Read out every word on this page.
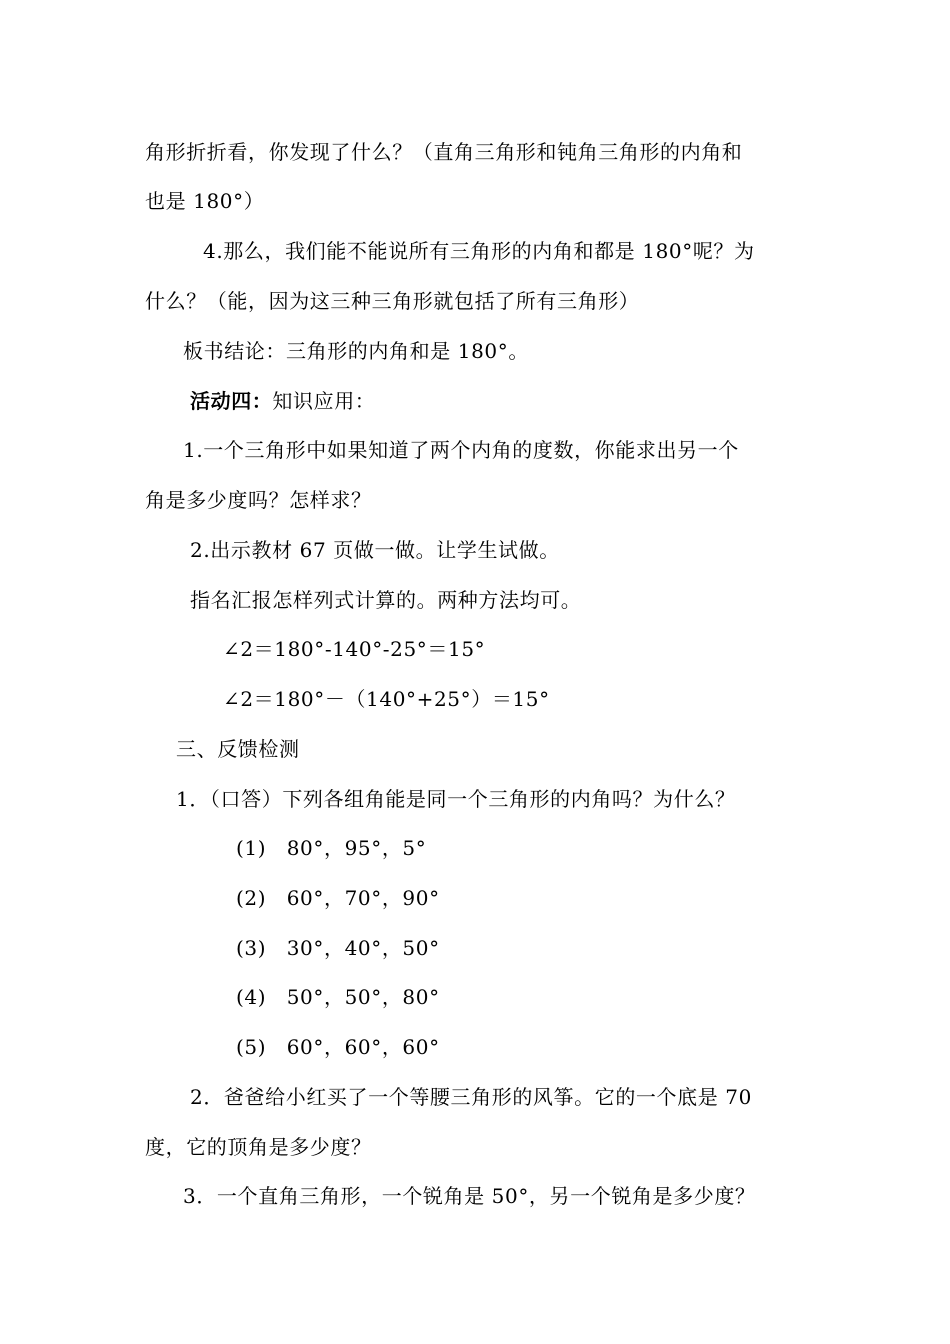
角形折折看，你发现了什么？（直角三角形和钝角三角形的内角和
也是 180°）
4.那么，我们能不能说所有三角形的内角和都是 180°呢？为
什么？（能，因为这三种三角形就包括了所有三角形）
板书结论：三角形的内角和是 180°。
活动四：知识应用：
1.一个三角形中如果知道了两个内角的度数，你能求出另一个
角是多少度吗？怎样求？
2.出示教材 67 页做一做。让学生试做。
指名汇报怎样列式计算的。两种方法均可。
∠2＝180°-140°-25°＝15°
∠2＝180°－（140°+25°）＝15°
三、反馈检测
1．（口答）下列各组角能是同一个三角形的内角吗？为什么？
(1)　80°，95°，5°
(2)　60°，70°，90°
(3)　30°，40°，50°
(4)　50°，50°，80°
(5)　60°，60°，60°
2．爸爸给小红买了一个等腰三角形的风筝。它的一个底是 70
度，它的顶角是多少度？
3．一个直角三角形，一个锐角是 50°，另一个锐角是多少度？
